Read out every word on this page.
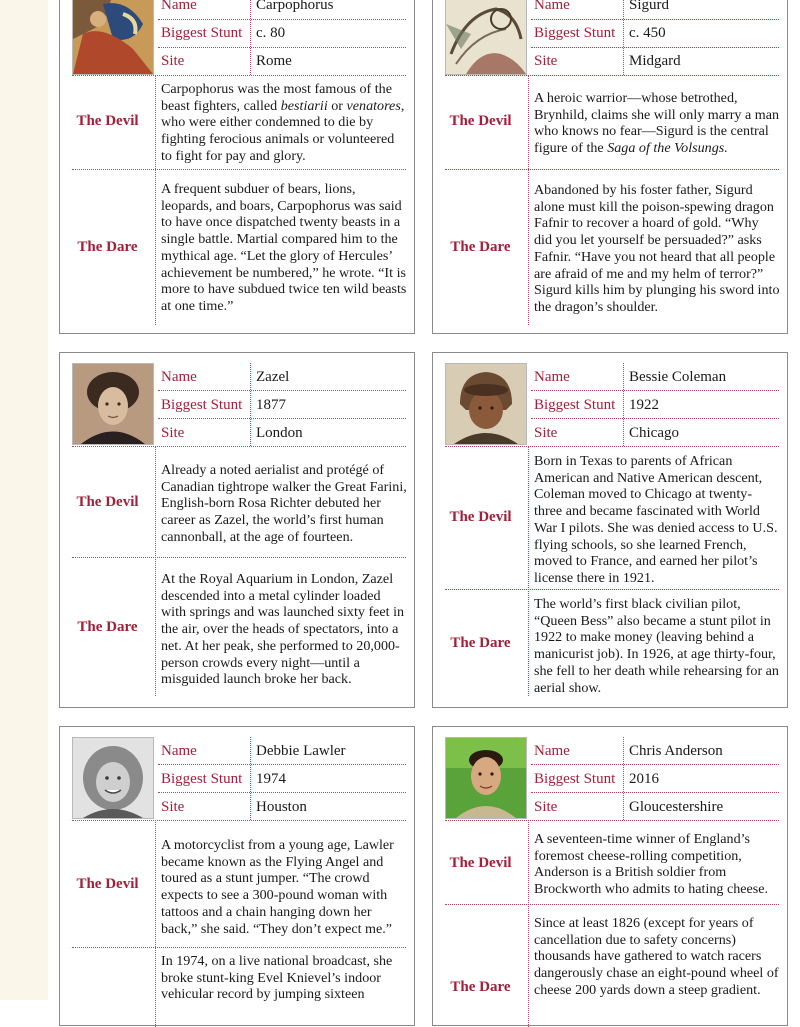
Name	Carpophorus
Biggest Stunt c. 80
Site	Rome
The Devil
Carpophorus was the most famous of the beast fighters, called bestiarii or venatores, who were either condemned to die by fighting ferocious animals or volunteered to fight for pay and glory.
The Dare
A frequent subduer of bears, lions, leopards, and boars, Carpophorus was said to have once dispatched twenty beasts in a single battle. Martial compared him to the mythical age. “Let the glory of Hercules’ achievement be numbered,” he wrote. “It is more to have subdued twice ten wild beasts at one time.”
Name	Sigurd
Biggest Stunt c. 450
Site	Midgard
The Devil
A heroic warrior—whose betrothed, Brynhild, claims she will only marry a man who knows no fear—Sigurd is the central figure of the Saga of the Volsungs.
The Dare
Abandoned by his foster father, Sigurd alone must kill the poison-spewing dragon Fafnir to recover a hoard of gold. “Why did you let yourself be persuaded?” asks Fafnir. “Have you not heard that all people are afraid of me and my helm of terror?” Sigurd kills him by plunging his sword into the dragon’s shoulder.
Name	Zazel
Biggest Stunt 1877
Site	London
The Devil
Already a noted aerialist and protégé of Canadian tightrope walker the Great Farini, English-born Rosa Richter debuted her career as Zazel, the world’s first human cannonball, at the age of fourteen.
The Dare
At the Royal Aquarium in London, Zazel descended into a metal cylinder loaded with springs and was launched sixty feet in the air, over the heads of spectators, into a net. At her peak, she performed to 20,000-person crowds every night—until a misguided launch broke her back.
Name	Bessie Coleman
Biggest Stunt 1922
Site	Chicago
The Devil
Born in Texas to parents of African American and Native American descent, Coleman moved to Chicago at twenty-three and became fascinated with World War I pilots. She was denied access to U.S. flying schools, so she learned French, moved to France, and earned her pilot’s license there in 1921.
The Dare
The world’s first black civilian pilot, “Queen Bess” also became a stunt pilot in 1922 to make money (leaving behind a manicurist job). In 1926, at age thirty-four, she fell to her death while rehearsing for an aerial show.
Name	Debbie Lawler
Biggest Stunt 1974
Site	Houston
The Devil
A motorcyclist from a young age, Lawler became known as the Flying Angel and toured as a stunt jumper. “The crowd expects to see a 300-pound woman with tattoos and a chain hanging down her back,” she said. “They don’t expect me.”
In 1974, on a live national broadcast, she broke stunt-king Evel Knievel’s indoor vehicular record by jumping sixteen
Name	Chris Anderson
Biggest Stunt 2016
Site	Gloucestershire
The Devil
A seventeen-time winner of England’s foremost cheese-rolling competition, Anderson is a British soldier from Brockworth who admits to hating cheese.
The Dare
Since at least 1826 (except for years of cancellation due to safety concerns) thousands have gathered to watch racers dangerously chase an eight-pound wheel of cheese 200 yards down a steep gradient.
